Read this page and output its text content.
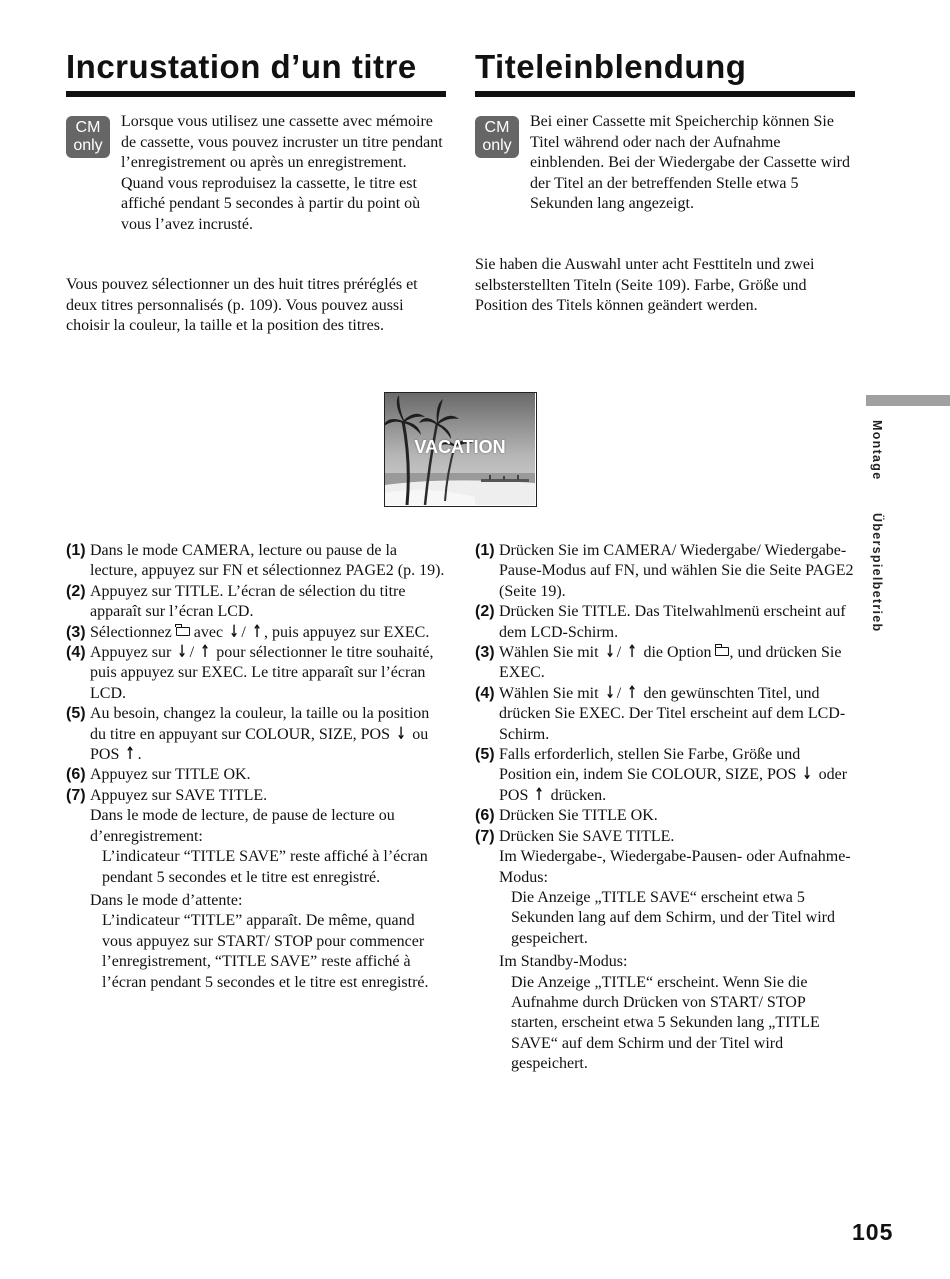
Incrustation d’un titre
CM
only

Lorsque vous utilisez une cassette avec mémoire de cassette, vous pouvez incruster un titre pendant l’enregistrement ou après un enregistrement. Quand vous reproduisez la cassette, le titre est affiché pendant 5 secondes à partir du point où vous l’avez incrusté.

Vous pouvez sélectionner un des huit titres préréglés et deux titres personnalisés (p. 109). Vous pouvez aussi choisir la couleur, la taille et la position des titres.

(1) Dans le mode CAMERA, lecture ou pause de la lecture, appuyez sur FN et sélectionnez PAGE2 (p. 19).
(2) Appuyez sur TITLE. L’écran de sélection du titre apparaît sur l’écran LCD.
(3) Sélectionnez avec ↓ / ↑ , puis appuyez sur EXEC.
(4) Appuyez sur ↓ / ↑ pour sélectionner le titre souhaité, puis appuyez sur EXEC. Le titre apparaît sur l’écran LCD.
(5) Au besoin, changez la couleur, la taille ou la position du titre en appuyant sur COLOUR, SIZE, POS ↓ ou POS ↑ .
(6) Appuyez sur TITLE OK.
(7) Appuyez sur SAVE TITLE.
Dans le mode de lecture, de pause de lecture ou d’enregistrement:
L’indicateur “TITLE SAVE” reste affiché à l’écran pendant 5 secondes et le titre est enregistré.
Dans le mode d’attente:
L’indicateur “TITLE” apparaît. De même, quand vous appuyez sur START/ STOP pour commencer l’enregistrement, “TITLE SAVE” reste affiché à l’écran pendant 5 secondes et le titre est enregistré.
Titeleinblendung
CM
only

Bei einer Cassette mit Speicherchip können Sie Titel während oder nach der Aufnahme einblenden. Bei der Wiedergabe der Cassette wird der Titel an der betreffenden Stelle etwa 5 Sekunden lang angezeigt.

Sie haben die Auswahl unter acht Festtiteln und zwei selbsterstellten Titeln (Seite 109). Farbe, Größe und Position des Titels können geändert werden.

(1) Drücken Sie im CAMERA/ Wiedergabe/ Wiedergabe-Pause-Modus auf FN, und wählen Sie die Seite PAGE2 (Seite 19).
(2) Drücken Sie TITLE. Das Titelwahlmenü erscheint auf dem LCD-Schirm.
(3) Wählen Sie mit ↓ / ↑ die Option , und drücken Sie EXEC.
(4) Wählen Sie mit ↓ / ↑ den gewünschten Titel, und drücken Sie EXEC. Der Titel erscheint auf dem LCD-Schirm.
(5) Falls erforderlich, stellen Sie Farbe, Größe und Position ein, indem Sie COLOUR, SIZE, POS ↓ oder POS ↑ drücken.
(6) Drücken Sie TITLE OK.
(7) Drücken Sie SAVE TITLE.
Im Wiedergabe-, Wiedergabe-Pausen- oder Aufnahme-Modus:
Die Anzeige „TITLE SAVE“ erscheint etwa 5 Sekunden lang auf dem Schirm, und der Titel wird gespeichert.
Im Standby-Modus:
Die Anzeige „TITLE“ erscheint. Wenn Sie die Aufnahme durch Drücken von START/ STOP starten, erscheint etwa 5 Sekunden lang „TITLE SAVE“ auf dem Schirm und der Titel wird gespeichert.
VACATION	Montage
Überspielbetrieb
105
